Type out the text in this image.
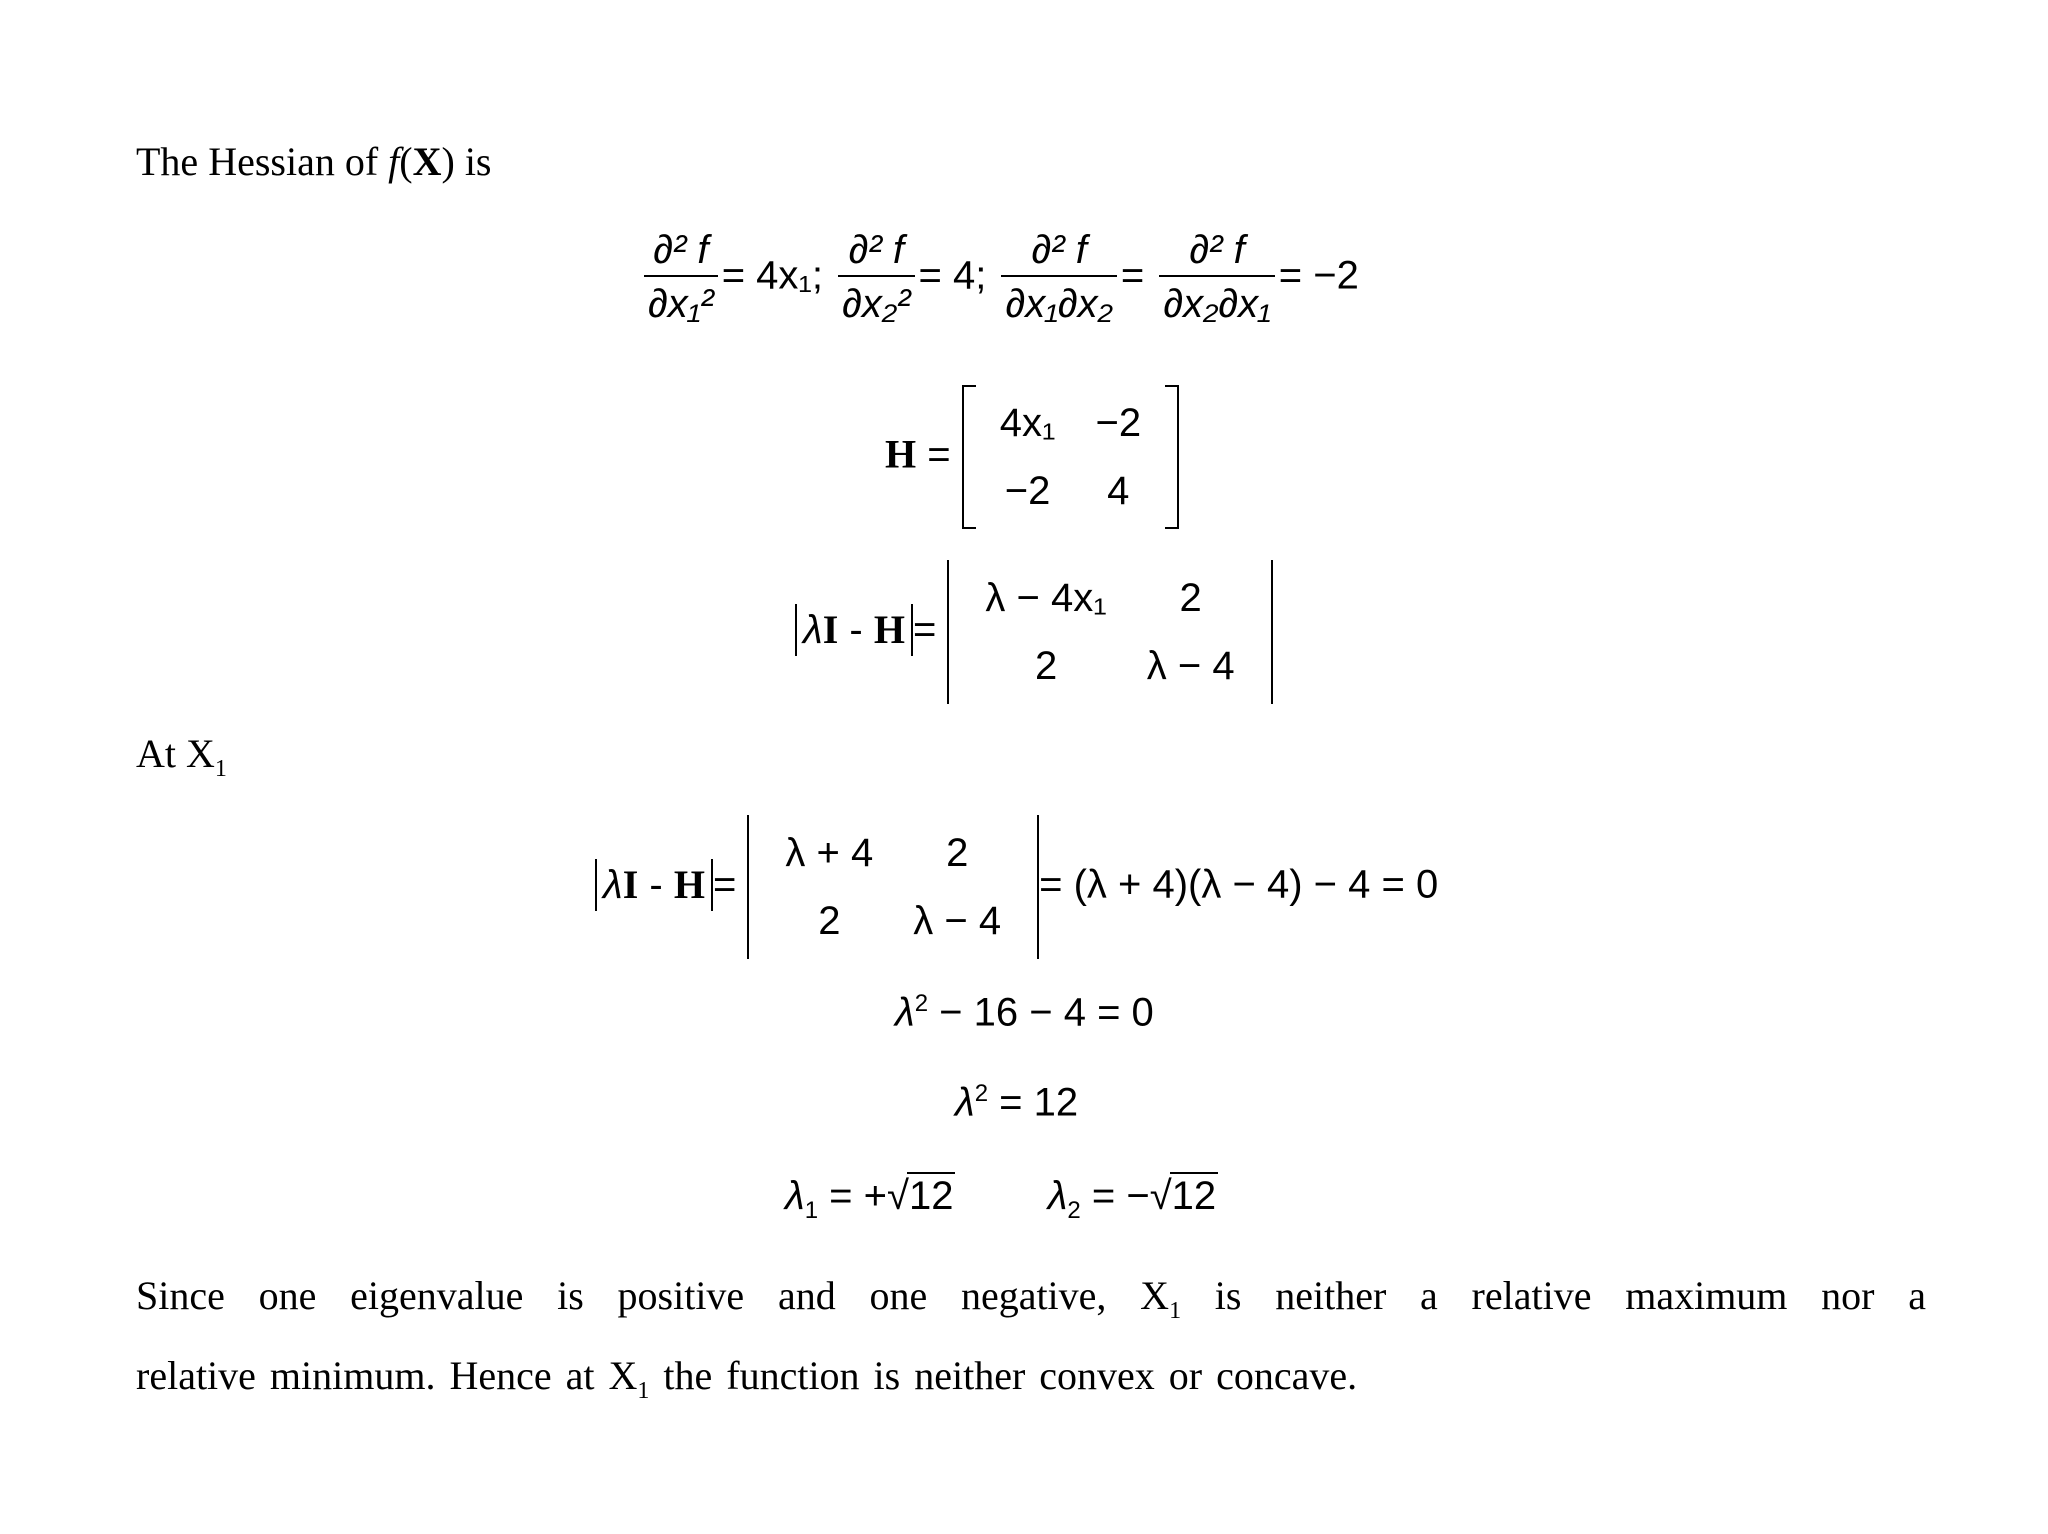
The Hessian of f(X) is
$\frac{\text{∂² f}}{\text{∂x₁²}} = 4x_1$; $\frac{\text{∂² f}}{\text{∂x₂²}} = 4$; $\frac{\text{∂² f}}{\text{∂x₁∂x₂}} = \frac{\text{∂² f}}{\text{∂x₂∂x₁}} = -2$
H =
4x₁	−2
−2	4
λI - H =
λ − 4x₁	2
2	λ − 4
At $X_1$
λI - H =
λ + 4	2
2	λ − 4
= (λ + 4)(λ − 4) − 4 = 0
$\lambda^2 - 16 - 4 = 0$
$\lambda^2 = 12$
$\lambda_1 = +√12$ $\lambda_2 = -√12$
Since one eigenvalue is positive and one negative, $X_1$ is neither a relative maximum nor a
relative minimum. Hence at $X_1$ the function is neither convex or concave.
